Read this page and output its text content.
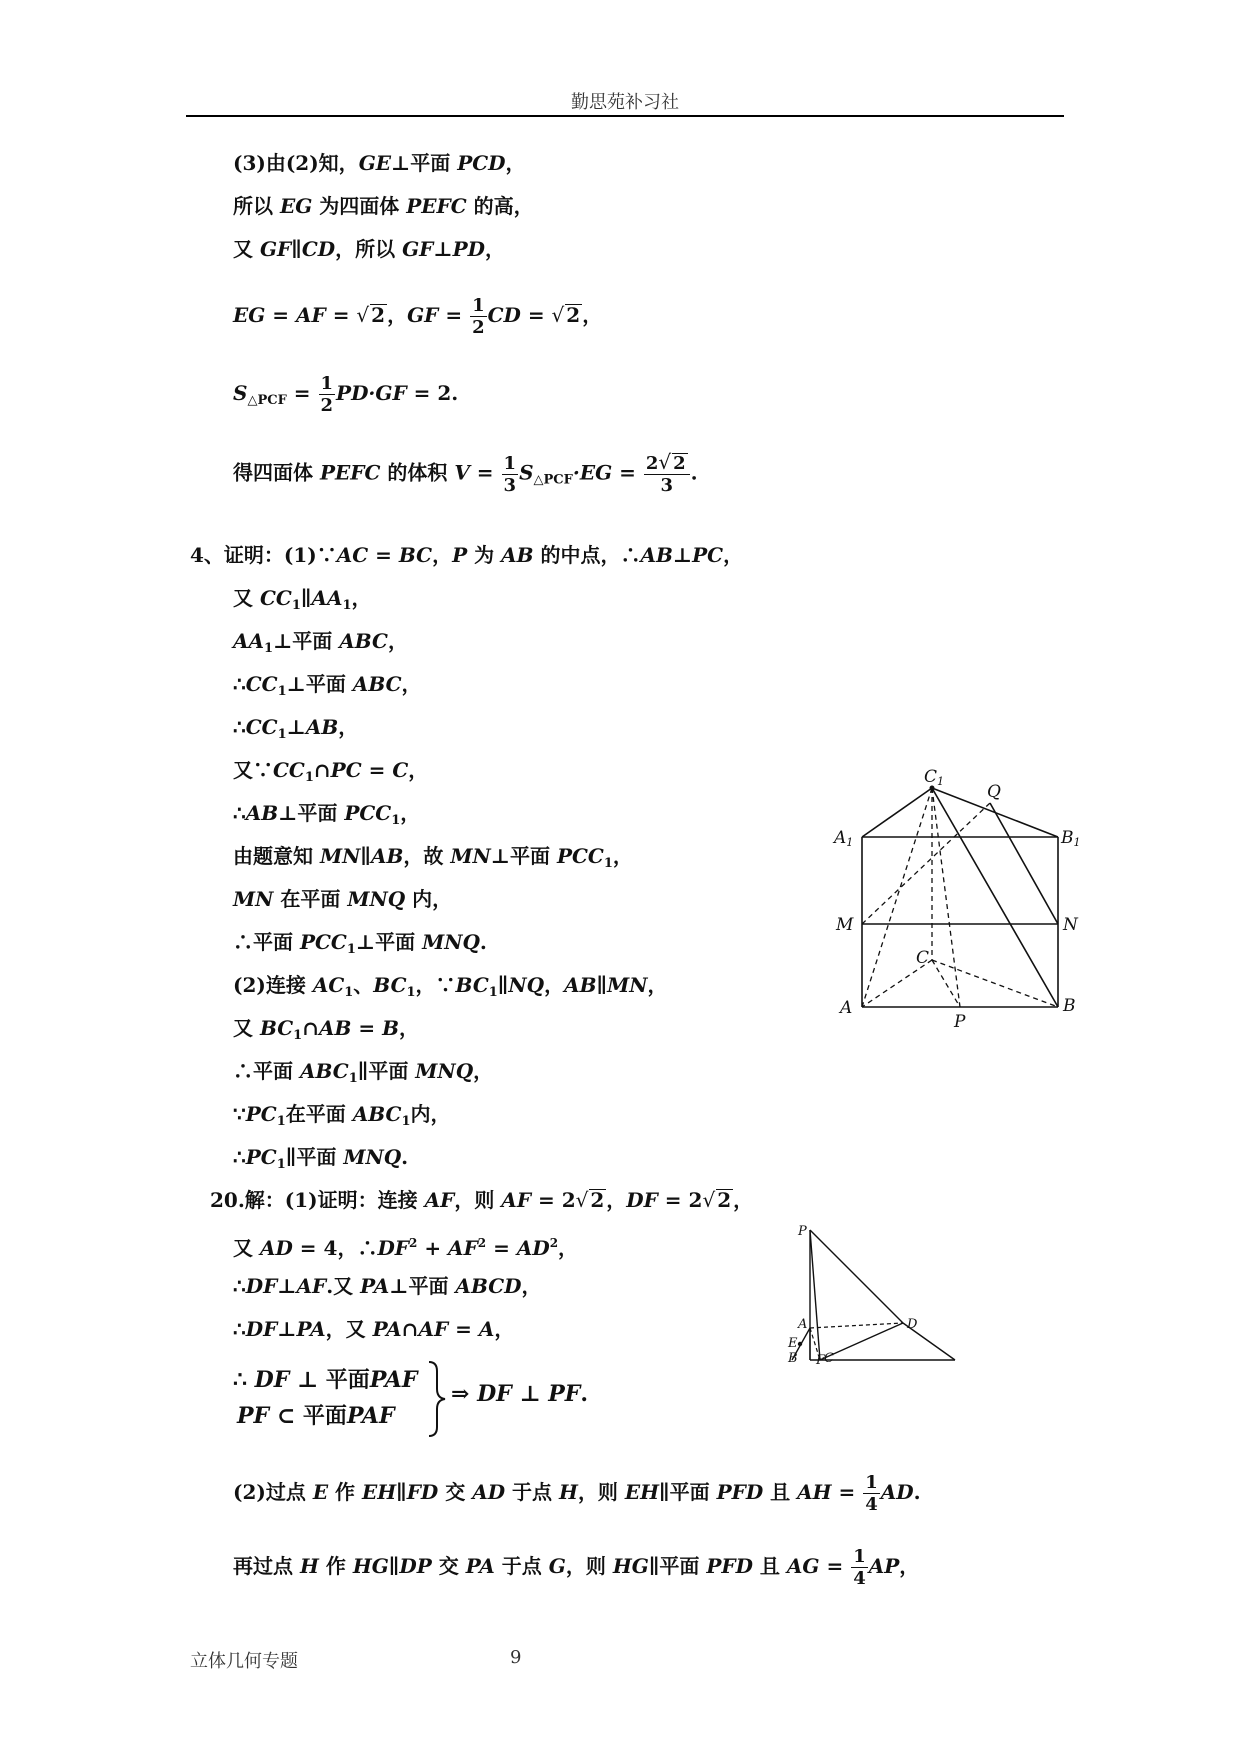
勤思苑补习社
(3)由(2)知，GE⊥平面 PCD，
所以 EG 为四面体 PEFC 的高，
又 GF∥CD，所以 GF⊥PD，
EG = AF = √ 2 ，GF = $\frac{1}{2}$ CD = √ 2 ，
$S_{\triangle PCF} = \frac{1}{2} PD\cdot GF = 2$.
得四面体 PEFC 的体积 $V = \frac{1}{3} S_{\triangle PCF}\cdot EG = \frac{2√ 2}{3}$ .
4、证明：(1)∵AC = BC，P 为 AB 的中点，∴AB⊥PC，
又 $CC_1\parallel AA_1$，
$AA_1\perp$平面 ABC，
$\therefore CC_1\perp$平面 ABC，
$\therefore CC_1\perp AB$，
又$\because CC_1\cap PC = C$，
∴AB⊥平面 $PCC_1$，
由题意知 MN∥AB，故 MN⊥平面 $PCC_1$，
MN 在平面 MNQ 内，
∴平面 $PCC_1\perp$平面 MNQ.
(2)连接 $AC_1$、$BC_1$，$\because BC_1\parallel NQ$，AB∥MN，
又 $BC_1\cap AB = B$，
∴平面 $ABC_1\parallel$平面 MNQ，
$\because PC_1$在平面 $ABC_1$内，
$\therefore PC_1\parallel$平面 MNQ.
20.解：(1)证明：连接 AF，则 AF = 2√ 2 ，DF = 2√ 2 ，
又 AD = 4，$\therefore DF^2 + AF^2 = AD^2$，
∴DF⊥AF.又 PA⊥平面 ABCD，
∴DF⊥PA，又 PA∩AF = A，
∴ DF ⊥ 平面PAF
PF ⊂ 平面PAF
⇒ DF ⊥ PF.
(2)过点 E 作 EH∥FD 交 AD 于点 H，则 EH∥平面 PFD 且 AH = $\frac{1}{4}$ AD.
再过点 H 作 HG∥DP 交 PA 于点 G，则 HG∥平面 PFD 且 AG = $\frac{1}{4}$ AP，
C1
Q
A1	B1
M	N
C
A	B
P
P
A
E
D
B F
C
立体几何专题	9
